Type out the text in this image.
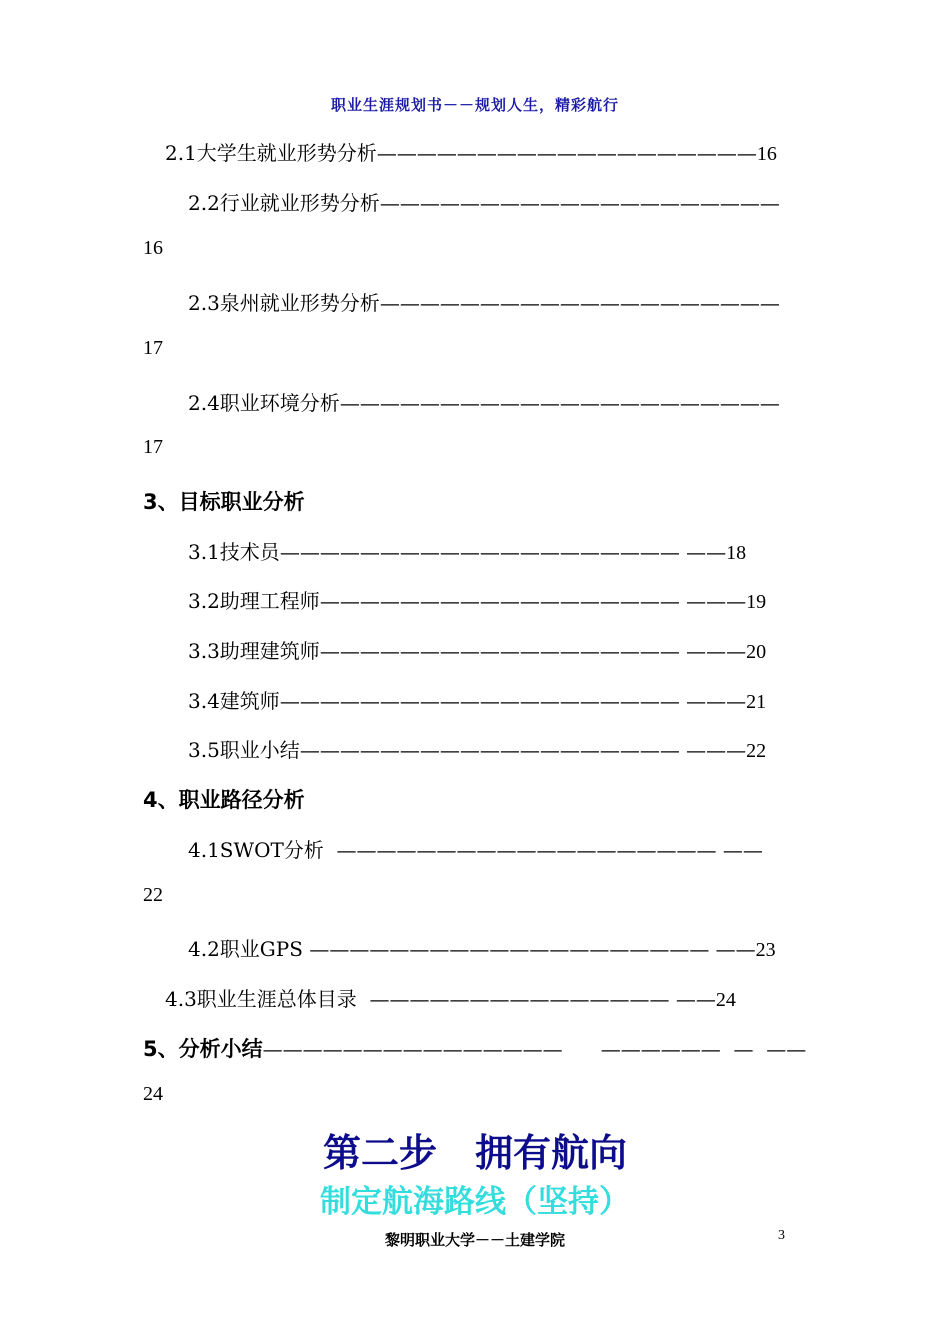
职业生涯规划书－－规划人生，精彩航行
2.1大学生就业形势分析———————————————————16
2.2行业就业形势分析————————————————————
16
2.3泉州就业形势分析————————————————————
17
2.4职业环境分析——————————————————————
17
3、目标职业分析
3.1技术员———————————————————— ——18
3.2助理工程师—————————————————— ———19
3.3助理建筑师—————————————————— ———20
3.4建筑师———————————————————— ———21
3.5职业小结——————————————————— ———22
4、职业路径分析
4.1SWOT分析 ——————————————————— ——
22
4.2职业GPS ———————————————————— ——23
4.3职业生涯总体目录 ——————————————— ——24
5、分析小结———————————————      ——————  —  ——
24
第二步　拥有航向
制定航海路线（坚持）
黎明职业大学－－土建学院	3
